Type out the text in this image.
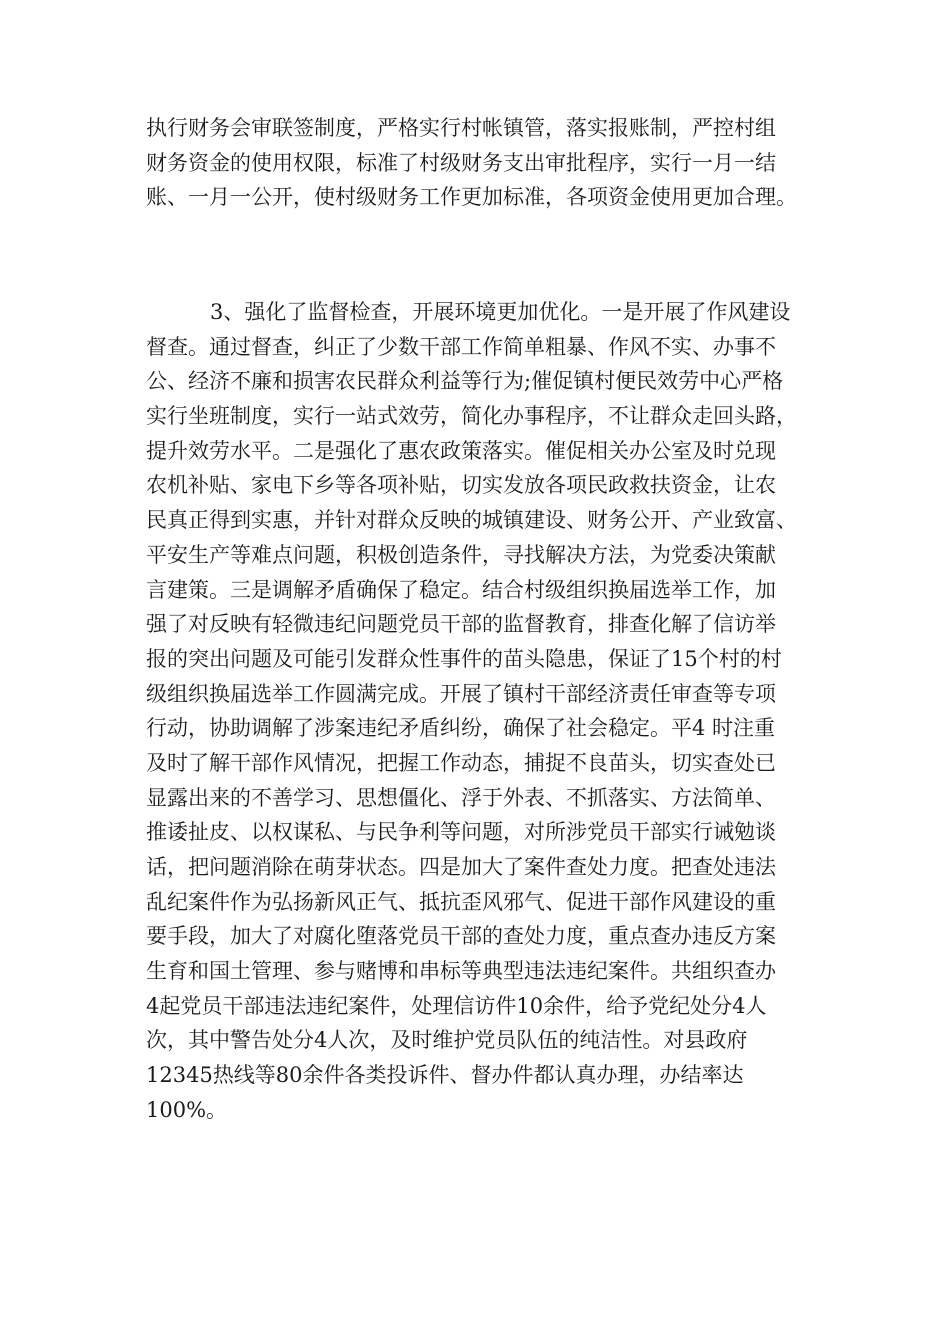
执行财务会审联签制度，严格实行村帐镇管，落实报账制，严控村组
财务资金的使用权限，标准了村级财务支出审批程序，实行一月一结
账、一月一公开，使村级财务工作更加标准，各项资金使用更加合理。
3、强化了监督检查，开展环境更加优化。一是开展了作风建设
督查。通过督查，纠正了少数干部工作简单粗暴、作风不实、办事不
公、经济不廉和损害农民群众利益等行为;催促镇村便民效劳中心严格
实行坐班制度，实行一站式效劳，简化办事程序，不让群众走回头路，
提升效劳水平。二是强化了惠农政策落实。催促相关办公室及时兑现
农机补贴、家电下乡等各项补贴，切实发放各项民政救扶资金，让农
民真正得到实惠，并针对群众反映的城镇建设、财务公开、产业致富、
平安生产等难点问题，积极创造条件，寻找解决方法，为党委决策献
言建策。三是调解矛盾确保了稳定。结合村级组织换届选举工作，加
强了对反映有轻微违纪问题党员干部的监督教育，排查化解了信访举
报的突出问题及可能引发群众性事件的苗头隐患，保证了15个村的村
级组织换届选举工作圆满完成。开展了镇村干部经济责任审查等专项
行动，协助调解了涉案违纪矛盾纠纷，确保了社会稳定。平4 时注重
及时了解干部作风情况，把握工作动态，捕捉不良苗头，切实查处已
显露出来的不善学习、思想僵化、浮于外表、不抓落实、方法简单、
推诿扯皮、以权谋私、与民争利等问题，对所涉党员干部实行诫勉谈
话，把问题消除在萌芽状态。四是加大了案件查处力度。把查处违法
乱纪案件作为弘扬新风正气、抵抗歪风邪气、促进干部作风建设的重
要手段，加大了对腐化堕落党员干部的查处力度，重点查办违反方案
生育和国土管理、参与赌博和串标等典型违法违纪案件。共组织查办
4起党员干部违法违纪案件，处理信访件10余件，给予党纪处分4人
次，其中警告处分4人次，及时维护党员队伍的纯洁性。对县政府
12345热线等80余件各类投诉件、督办件都认真办理，办结率达
100%。
